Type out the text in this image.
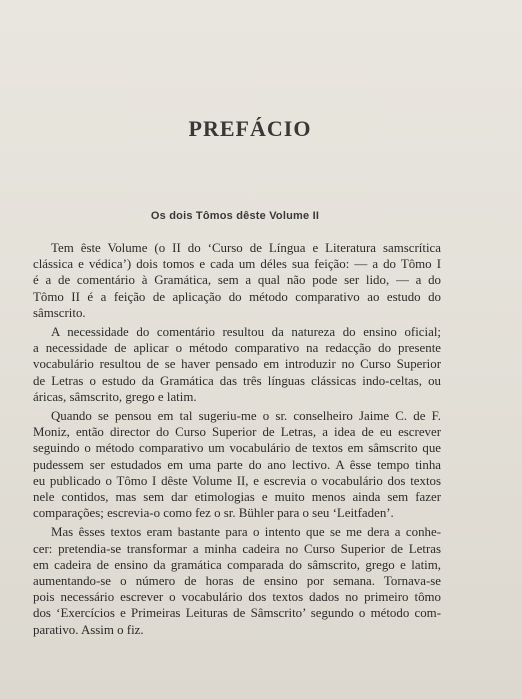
PREFÁCIO
Os dois Tômos dêste Volume II
Tem êste Volume (o II do ‘Curso de Língua e Literatura samscrítica
clássica e védica’) dois tomos e cada um déles sua feição: — a do Tômo I
é a de comentário à Gramática, sem a qual não pode ser lido, — a do
Tômo II é a feição de aplicação do método comparativo ao estudo do
sâmscrito.
A necessidade do comentário resultou da natureza do ensino oficial;
a necessidade de aplicar o método comparativo na redacção do presente
vocabulário resultou de se haver pensado em introduzir no Curso Superior
de Letras o estudo da Gramática das três línguas clássicas indo-celtas, ou
áricas, sâmscrito, grego e latim.
Quando se pensou em tal sugeriu-me o sr. conselheiro Jaime C. de F.
Moniz, então director do Curso Superior de Letras, a idea de eu escrever
seguindo o método comparativo um vocabulário de textos em sâmscrito que
pudessem ser estudados em uma parte do ano lectivo. A êsse tempo tinha
eu publicado o Tômo I dêste Volume II, e escrevia o vocabulário dos textos
nele contidos, mas sem dar etimologias e muito menos ainda sem fazer
comparações; escrevia-o como fez o sr. Bühler para o seu ‘Leitfaden’.
Mas êsses textos eram bastante para o intento que se me dera a conhe-
cer: pretendia-se transformar a minha cadeira no Curso Superior de Letras
em cadeira de ensino da gramática comparada do sâmscrito, grego e latim,
aumentando-se o número de horas de ensino por semana. Tornava-se
pois necessário escrever o vocabulário dos textos dados no primeiro tômo
dos ‘Exercícios e Primeiras Leituras de Sâmscrito’ segundo o método com-
parativo. Assim o fiz.
